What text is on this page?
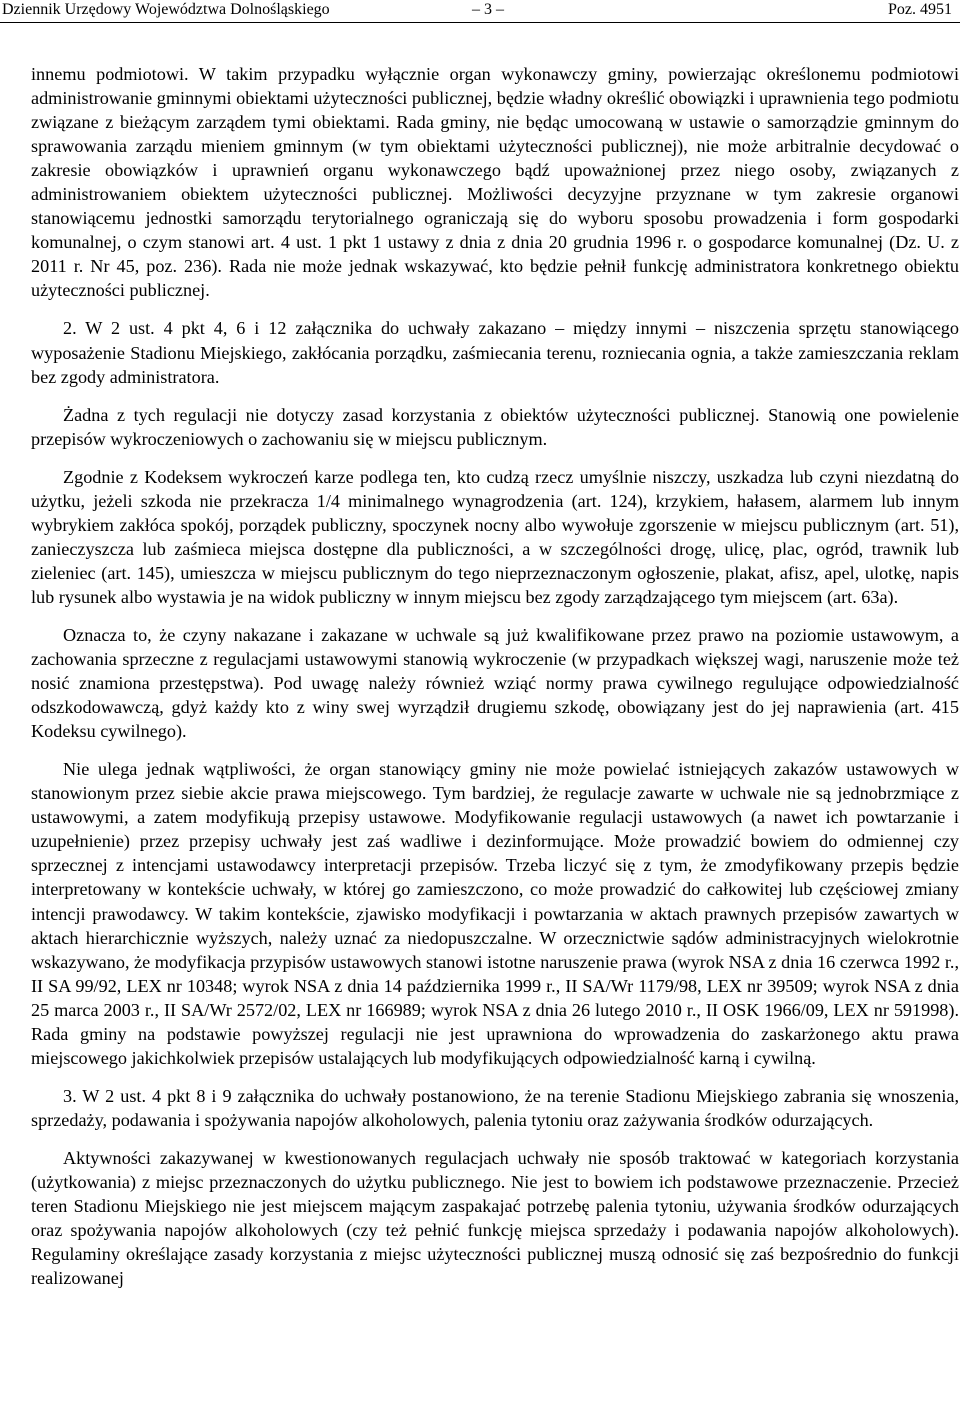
Dziennik Urzędowy Województwa Dolnośląskiego	– 3 –	Poz. 4951

innemu podmiotowi. W takim przypadku wyłącznie organ wykonawczy gminy, powierzając określonemu podmiotowi administrowanie gminnymi obiektami użyteczności publicznej, będzie władny określić obowiązki i uprawnienia tego podmiotu związane z bieżącym zarządem tymi obiektami. Rada gminy, nie będąc umocowaną w ustawie o samorządzie gminnym do sprawowania zarządu mieniem gminnym (w tym obiektami użyteczności publicznej), nie może arbitralnie decydować o zakresie obowiązków i uprawnień organu wykonawczego bądź upoważnionej przez niego osoby, związanych z administrowaniem obiektem użyteczności publicznej. Możliwości decyzyjne przyznane w tym zakresie organowi stanowiącemu jednostki samorządu terytorialnego ograniczają się do wyboru sposobu prowadzenia i form gospodarki komunalnej, o czym stanowi art. 4 ust. 1 pkt 1 ustawy z dnia z dnia 20 grudnia 1996 r. o gospodarce komunalnej (Dz. U. z 2011 r. Nr 45, poz. 236). Rada nie może jednak wskazywać, kto będzie pełnił funkcję administratora konkretnego obiektu użyteczności publicznej.

2. W 2 ust. 4 pkt 4, 6 i 12 załącznika do uchwały zakazano – między innymi – niszczenia sprzętu stanowiącego wyposażenie Stadionu Miejskiego, zakłócania porządku, zaśmiecania terenu, rozniecania ognia, a także zamieszczania reklam bez zgody administratora.

Żadna z tych regulacji nie dotyczy zasad korzystania z obiektów użyteczności publicznej. Stanowią one powielenie przepisów wykroczeniowych o zachowaniu się w miejscu publicznym.

Zgodnie z Kodeksem wykroczeń karze podlega ten, kto cudzą rzecz umyślnie niszczy, uszkadza lub czyni niezdatną do użytku, jeżeli szkoda nie przekracza 1/4 minimalnego wynagrodzenia (art. 124), krzykiem, hałasem, alarmem lub innym wybrykiem zakłóca spokój, porządek publiczny, spoczynek nocny albo wywołuje zgorszenie w miejscu publicznym (art. 51), zanieczyszcza lub zaśmieca miejsca dostępne dla publiczności, a w szczególności drogę, ulicę, plac, ogród, trawnik lub zieleniec (art. 145), umieszcza w miejscu publicznym do tego nieprzeznaczonym ogłoszenie, plakat, afisz, apel, ulotkę, napis lub rysunek albo wystawia je na widok publiczny w innym miejscu bez zgody zarządzającego tym miejscem (art. 63a).

Oznacza to, że czyny nakazane i zakazane w uchwale są już kwalifikowane przez prawo na poziomie ustawowym, a zachowania sprzeczne z regulacjami ustawowymi stanowią wykroczenie (w przypadkach większej wagi, naruszenie może też nosić znamiona przestępstwa). Pod uwagę należy również wziąć normy prawa cywilnego regulujące odpowiedzialność odszkodowawczą, gdyż każdy kto z winy swej wyrządził drugiemu szkodę, obowiązany jest do jej naprawienia (art. 415 Kodeksu cywilnego).

Nie ulega jednak wątpliwości, że organ stanowiący gminy nie może powielać istniejących zakazów ustawowych w stanowionym przez siebie akcie prawa miejscowego. Tym bardziej, że regulacje zawarte w uchwale nie są jednobrzmiące z ustawowymi, a zatem modyfikują przepisy ustawowe. Modyfikowanie regulacji ustawowych (a nawet ich powtarzanie i uzupełnienie) przez przepisy uchwały jest zaś wadliwe i dezinformujące. Może prowadzić bowiem do odmiennej czy sprzecznej z intencjami ustawodawcy interpretacji przepisów. Trzeba liczyć się z tym, że zmodyfikowany przepis będzie interpretowany w kontekście uchwały, w której go zamieszczono, co może prowadzić do całkowitej lub częściowej zmiany intencji prawodawcy. W takim kontekście, zjawisko modyfikacji i powtarzania w aktach prawnych przepisów zawartych w aktach hierarchicznie wyższych, należy uznać za niedopuszczalne. W orzecznictwie sądów administracyjnych wielokrotnie wskazywano, że modyfikacja przypisów ustawowych stanowi istotne naruszenie prawa (wyrok NSA z dnia 16 czerwca 1992 r., II SA 99/92, LEX nr 10348; wyrok NSA z dnia 14 października 1999 r., II SA/Wr 1179/98, LEX nr 39509; wyrok NSA z dnia 25 marca 2003 r., II SA/Wr 2572/02, LEX nr 166989; wyrok NSA z dnia 26 lutego 2010 r., II OSK 1966/09, LEX nr 591998). Rada gminy na podstawie powyższej regulacji nie jest uprawniona do wprowadzenia do zaskarżonego aktu prawa miejscowego jakichkolwiek przepisów ustalających lub modyfikujących odpowiedzialność karną i cywilną.

3. W 2 ust. 4 pkt 8 i 9 załącznika do uchwały postanowiono, że na terenie Stadionu Miejskiego zabrania się wnoszenia, sprzedaży, podawania i spożywania napojów alkoholowych, palenia tytoniu oraz zażywania środków odurzających.

Aktywności zakazywanej w kwestionowanych regulacjach uchwały nie sposób traktować w kategoriach korzystania (użytkowania) z miejsc przeznaczonych do użytku publicznego. Nie jest to bowiem ich podstawowe przeznaczenie. Przecież teren Stadionu Miejskiego nie jest miejscem mającym zaspakajać potrzebę palenia tytoniu, używania środków odurzających oraz spożywania napojów alkoholowych (czy też pełnić funkcję miejsca sprzedaży i podawania napojów alkoholowych). Regulaminy określające zasady korzystania z miejsc użyteczności publicznej muszą odnosić się zaś bezpośrednio do funkcji realizowanej
